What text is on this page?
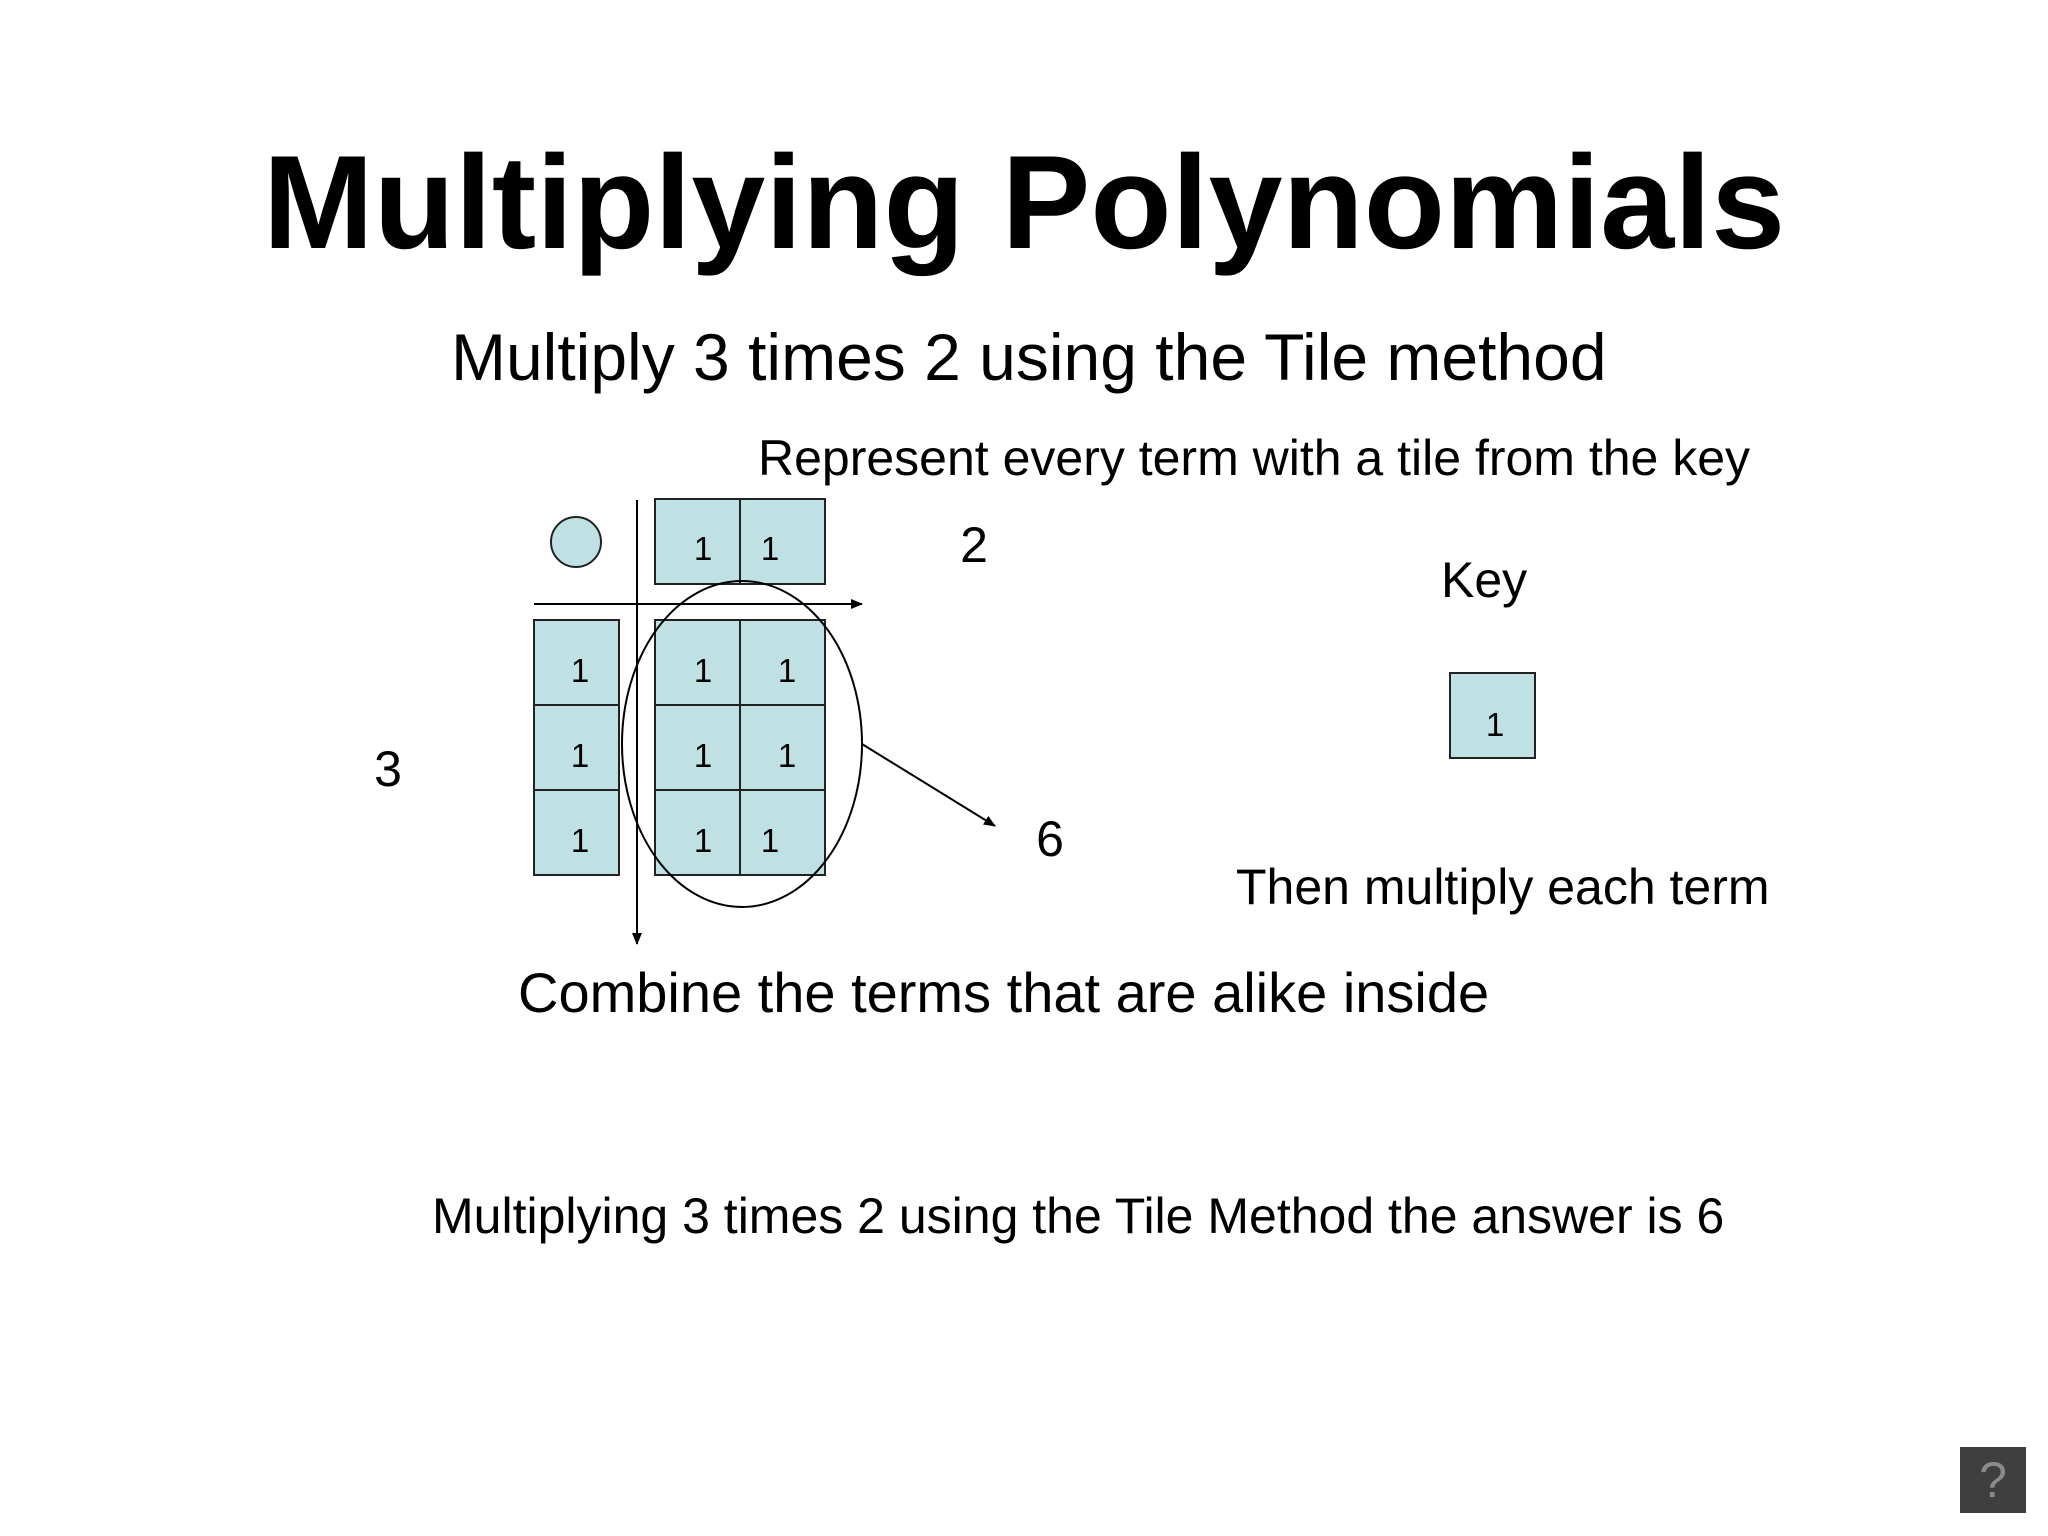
Multiplying Polynomials
Multiply 3 times 2 using the Tile method
Represent every term with a tile from the key
Key
Then multiply each term
Combine the terms that are alike inside
Multiplying 3 times 2 using the Tile Method the answer is 6
1 1
1
1
1
1 1
1 1
1 1
2
3
6
1
?
